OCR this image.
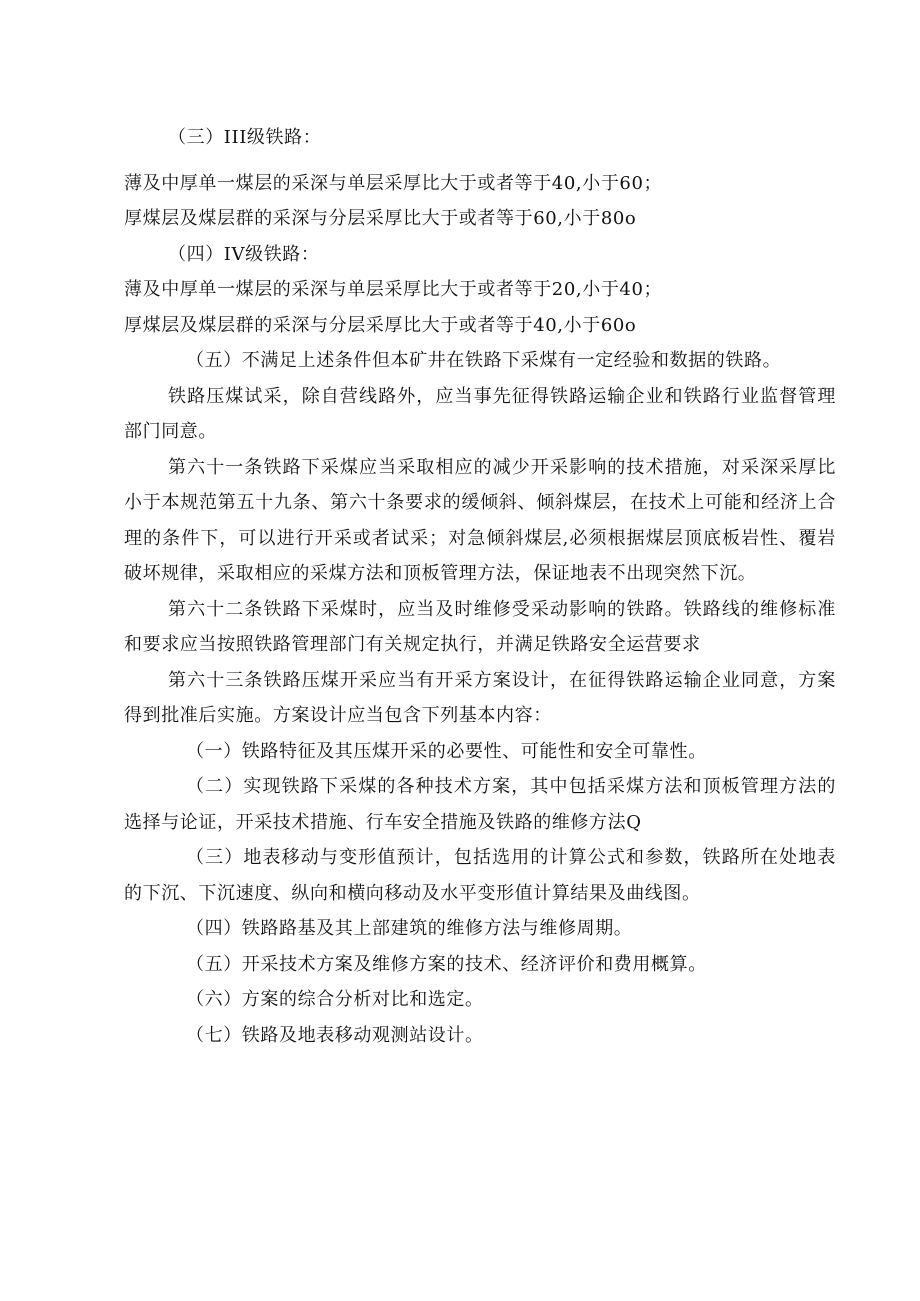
（三）III级铁路：

薄及中厚单一煤层的采深与单层采厚比大于或者等于40,小于60；

厚煤层及煤层群的采深与分层采厚比大于或者等于60,小于80o

（四）IV级铁路：

薄及中厚单一煤层的采深与单层采厚比大于或者等于20,小于40；

厚煤层及煤层群的采深与分层采厚比大于或者等于40,小于60o

（五）不满足上述条件但本矿井在铁路下采煤有一定经验和数据的铁路。

铁路压煤试采，除自营线路外，应当事先征得铁路运输企业和铁路行业监督管理部门同意。

第六十一条铁路下采煤应当采取相应的减少开采影响的技术措施，对采深采厚比小于本规范第五十九条、第六十条要求的缓倾斜、倾斜煤层，在技术上可能和经济上合理的条件下，可以进行开采或者试采；对急倾斜煤层,必须根据煤层顶底板岩性、覆岩破坏规律，采取相应的采煤方法和顶板管理方法，保证地表不出现突然下沉。

第六十二条铁路下采煤时，应当及时维修受采动影响的铁路。铁路线的维修标准和要求应当按照铁路管理部门有关规定执行，并满足铁路安全运营要求

第六十三条铁路压煤开采应当有开采方案设计，在征得铁路运输企业同意，方案得到批准后实施。方案设计应当包含下列基本内容：

（一）铁路特征及其压煤开采的必要性、可能性和安全可靠性。

（二）实现铁路下采煤的各种技术方案，其中包括采煤方法和顶板管理方法的选择与论证，开采技术措施、行车安全措施及铁路的维修方法Q

（三）地表移动与变形值预计，包括选用的计算公式和参数，铁路所在处地表的下沉、下沉速度、纵向和横向移动及水平变形值计算结果及曲线图。

（四）铁路路基及其上部建筑的维修方法与维修周期。

（五）开采技术方案及维修方案的技术、经济评价和费用概算。

（六）方案的综合分析对比和选定。

（七）铁路及地表移动观测站设计。
